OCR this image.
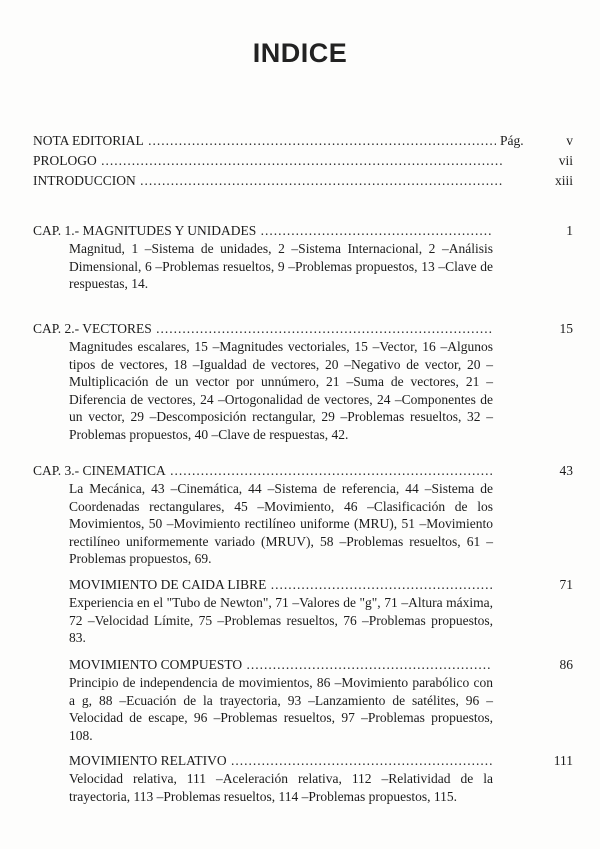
INDICE
NOTA EDITORIAL .....	Pág.	v
PROLOGO .....	vii
INTRODUCCION .....	xiii
CAP. 1.- MAGNITUDES Y UNIDADES .....	1
Magnitud, 1 –Sistema de unidades, 2 –Sistema Internacional, 2 –Análisis Dimensional, 6 –Problemas resueltos, 9 –Problemas propuestos, 13 –Clave de respuestas, 14.
CAP. 2.- VECTORES .....	15
Magnitudes escalares, 15 –Magnitudes vectoriales, 15 –Vector, 16 –Algunos tipos de vectores, 18 –Igualdad de vectores, 20 –Negativo de vector, 20 –Multiplicación de un vector por unnúmero, 21 –Suma de vectores, 21 –Diferencia de vectores, 24 –Ortogonalidad de vectores, 24 –Componentes de un vector, 29 –Descomposición rectangular, 29 –Problemas resueltos, 32 –Problemas propuestos, 40 –Clave de respuestas, 42.
CAP. 3.- CINEMATICA .....	43
La Mecánica, 43 –Cinemática, 44 –Sistema de referencia, 44 –Sistema de Coordenadas rectangulares, 45 –Movimiento, 46 –Clasificación de los Movimientos, 50 –Movimiento rectilíneo uniforme (MRU), 51 –Movimiento rectilíneo uniformemente variado (MRUV), 58 –Problemas resueltos, 61 –Problemas propuestos, 69.
MOVIMIENTO DE CAIDA LIBRE .....	71
Experiencia en el "Tubo de Newton", 71 –Valores de "g", 71 –Altura máxima, 72 –Velocidad Límite, 75 –Problemas resueltos, 76 –Problemas propuestos, 83.
MOVIMIENTO COMPUESTO .....	86
Principio de independencia de movimientos, 86 –Movimiento parabólico con a g, 88 –Ecuación de la trayectoria, 93 –Lanzamiento de satélites, 96 –Velocidad de escape, 96 –Problemas resueltos, 97 –Problemas propuestos, 108.
MOVIMIENTO RELATIVO .....	111
Velocidad relativa, 111 –Aceleración relativa, 112 –Relatividad de la trayectoria, 113 –Problemas resueltos, 114 –Problemas propuestos, 115.
